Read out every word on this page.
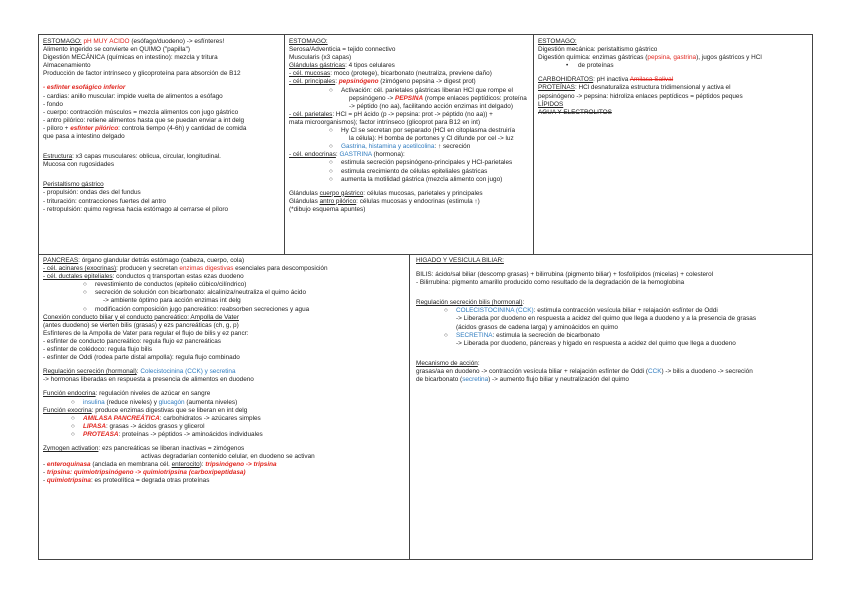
ESTÓMAGO: pH MUY ÁCIDO (esófago/duodeno) -> esfínteres!
Alimento ingerido se convierte en QUIMO ("papilla")
Digestión MECÁNICA (químicas en intestino): mezcla y tritura
Almacenamiento
Producción de factor intrínseco y glicoproteína para absorción de B12
- esfínter esofágico inferior
- cardias: anillo muscular: impide vuelta de alimentos a esófago
- fondo
- cuerpo: contracción músculos = mezcla alimentos con jugo gástrico
- antro pilórico: retiene alimentos hasta que se puedan enviar a int delg
- píloro + esfínter pilórico: controla tiempo (4-6h) y cantidad de comida
que pasa a intestino delgado
Estructura: x3 capas musculares: oblicua, circular, longitudinal.
Mucosa con rugosidades
Peristaltismo gástrico
- propulsión: ondas des del fundus
- trituración: contracciones fuertes del antro
- retropulsión: quimo regresa hacia estómago al cerrarse el píloro
ESTÓMAGO:
Serosa/Adventicia = tejido connectivo
Muscularis (x3 capas)
Glándulas gástricas: 4 tipos celulares
- cél. mucosas: moco (protege), bicarbonato (neutraliza, previene daño)
- cél. principales: pepsinógeno (zimógeno pepsina -> digest prot)
○ Activación: cél. parietales gástricas liberan HCl que rompe el
pepsinógeno -> PEPSINA (rompe enlaces peptídicos: proteína
-> péptido (no aa), facilitando acción enzimas int delgado)
- cél. parietales: HCl = pH ácido (p -> pepsina: prot -> péptido (no aa)) +
mata microorganismos); factor intrínseco (glicoprot para B12 en int)
○ Hy Cl se secretan por separado (HCl en citoplasma destruiría
la célula): H bomba de portones y Cl difunde por cel -> luz
○ Gastrina, histamina y acetilcolina: ↑ secreción
- cél. endocrinas: GASTRINA (hormona):
○ estimula secreción pepsinógeno-principales y HCl-parietales
○ estimula crecimiento de células epiteliales gástricas
○ aumenta la motilidad gástrica (mezcla alimento con jugo)
Glándulas cuerpo gástrico: células mucosas, parietales y principales
Glándulas antro pilórico: células mucosas y endocrinas (estimula ↑)
(*dibujo esquema apuntes)
ESTÓMAGO:
Digestión mecánica: peristaltismo gástrico
Digestión química: enzimas gástricas (pepsina, gastrina), jugos gástricos y HCl
• de proteínas
CARBOHIDRATOS: pH inactiva Amilasa Salival
PROTEÍNAS: HCl desnaturaliza estructura tridimensional y activa el
pepsinógeno -> pepsina: hidroliza enlaces peptídicos = péptidos peques
LÍPIDOS
AGUA Y ELECTROLITOS
PÁNCREAS: órgano glandular detrás estómago (cabeza, cuerpo, cola)
- cél. acinares (exocrinas): producen y secretan enzimas digestivas esenciales para descomposición
- cél. ductales epiteliales: conductos q transportan estas ezas duodeno
○ revestimiento de conductos (epitelio cúbico/cilíndrico)
○ secreción de solución con bicarbonato: alcaliniza/neutraliza el quimo ácido
-> ambiente óptimo para acción enzimas int delg
○ modificación composición jugo pancreático: reabsorben secreciones y agua
Conexión conducto biliar y el conducto pancreático: Ampolla de Vater
(antes duodeno) se vierten bilis (grasas) y ezs pancreáticas (ch, g, p)
Esfínteres de la Ampolla de Vater para regular el flujo de bilis y ez pancr:
- esfínter de conducto pancreático: regula flujo ez pancreáticas
- esfínter de colédoco: regula flujo bilis
- esfínter de Oddi (rodea parte distal ampolla): regula flujo combinado
Regulación secreción (hormonal): Colecistocinina (CCK) y secretina
-> hormonas liberadas en respuesta a presencia de alimentos en duodeno
Función endocrina: regulación niveles de azúcar en sangre
○ insulina (reduce niveles) y glucagón (aumenta niveles)
Función exocrina: produce enzimas digestivas que se liberan en int delg
○ AMILASA PANCREÁTICA: carbohidratos -> azúcares simples
○ LIPASA: grasas -> ácidos grasos y glicerol
○ PROTEASA: proteínas -> péptidos -> aminoácidos individuales
Zymogen activation: ezs pancreáticas se liberan inactivas = zimógenos
activas degradarían contenido celular, en duodeno se activan
- enteroquinasa (anclada en membrana cél. enterocito): tripsinógeno -> tripsina
- tripsina: quimiotripsinógeno -> quimiotripsina (carboxipeptidasa)
- quimiotripsina: es proteolítica = degrada otras proteínas
HÍGADO Y VESÍCULA BILIAR:
BILIS: ácido/sal biliar (descomp grasas) + bilirrubina (pigmento biliar) + fosfolípidos (micelas) + colesterol
- Bilirrubina: pigmento amarillo producido como resultado de la degradación de la hemoglobina
Regulación secreción bilis (hormonal):
○ COLECISTOCININA (CCK): estimula contracción vesícula biliar + relajación esfínter de Oddi
-> Liberada por duodeno en respuesta a acidez del quimo que llega a duodeno y a la presencia de grasas
(ácidos grasos de cadena larga) y aminoácidos en quimo
○ SECRETINA: estimula la secreción de bicarbonato
-> Liberada por duodeno, páncreas y hígado en respuesta a acidez del quimo que llega a duodeno
Mecanismo de acción:
grasas/aa en duodeno -> contracción vesícula biliar + relajación esfínter de Oddi (CCK) -> bilis a duodeno -> secreción
de bicarbonato (secretina) -> aumento flujo biliar y neutralización del quimo
